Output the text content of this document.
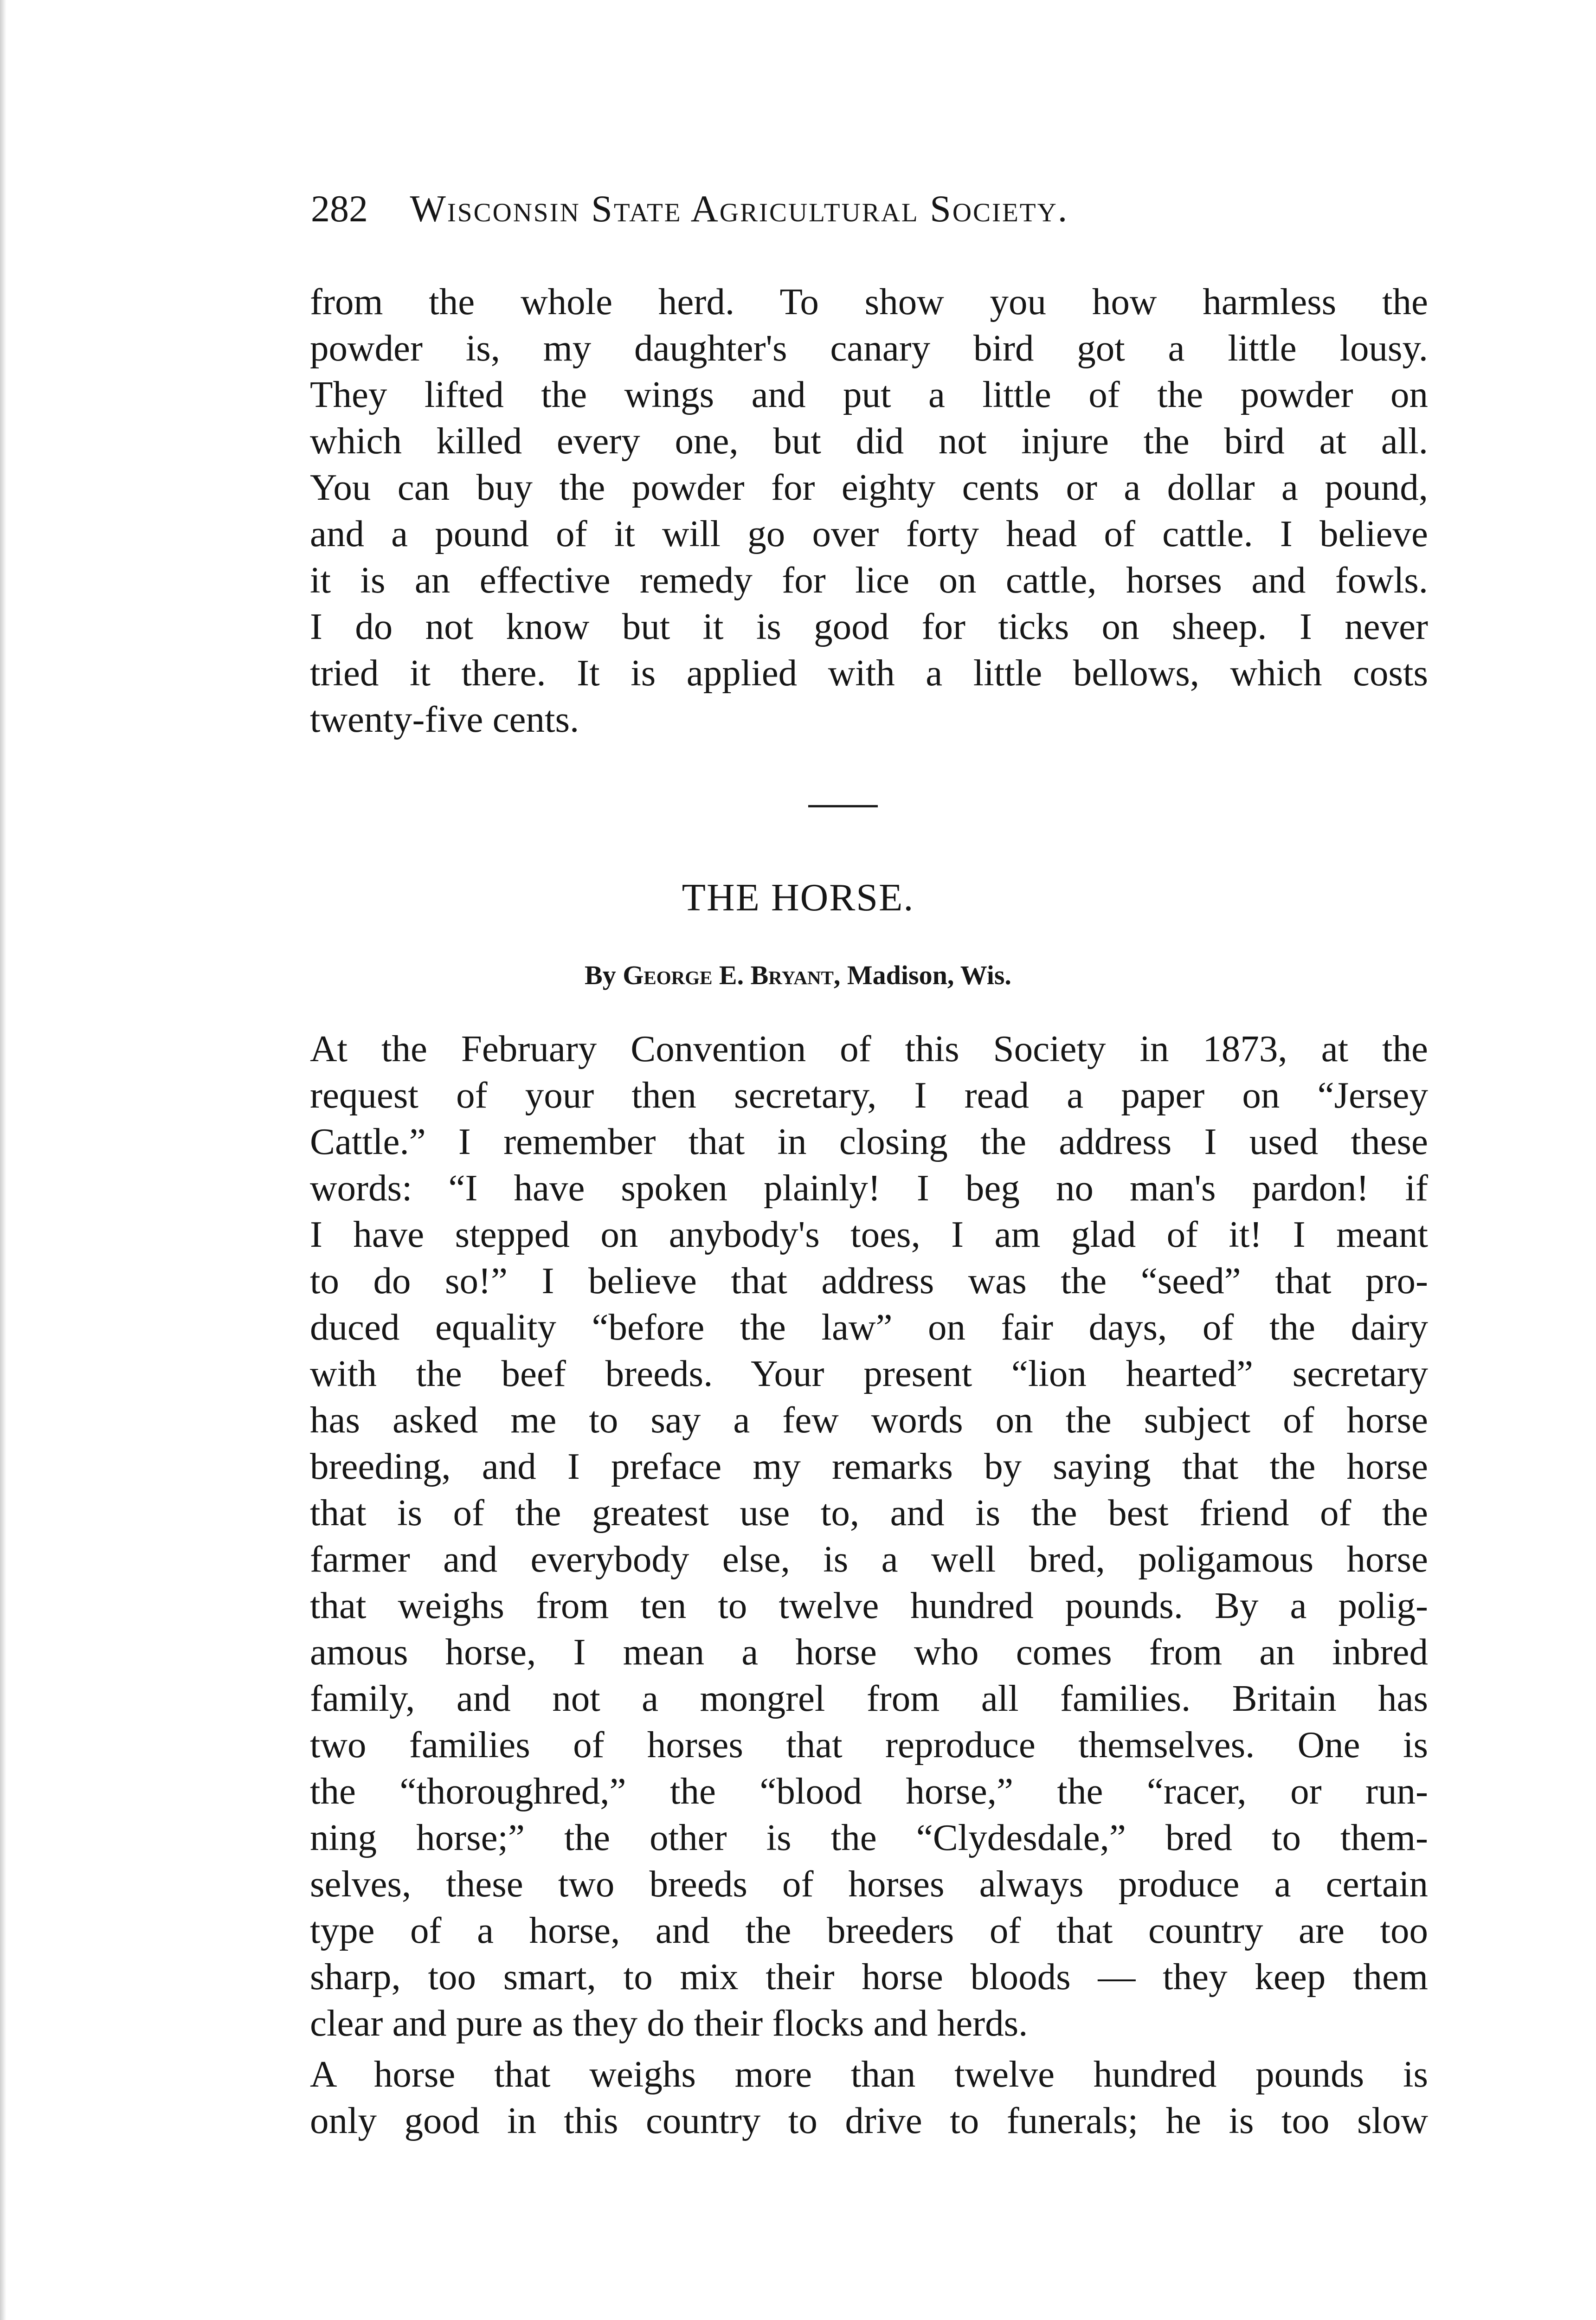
282 Wisconsin State Agricultural Society.
from the whole herd. To show you how harmless the
powder is, my daughter's canary bird got a little lousy.
They lifted the wings and put a little of the powder on
which killed every one, but did not injure the bird at all.
You can buy the powder for eighty cents or a dollar a pound,
and a pound of it will go over forty head of cattle. I believe
it is an effective remedy for lice on cattle, horses and fowls.
I do not know but it is good for ticks on sheep. I never
tried it there. It is applied with a little bellows, which costs
twenty-five cents.
THE HORSE.
By George E. Bryant, Madison, Wis.
At the February Convention of this Society in 1873, at the
request of your then secretary, I read a paper on “Jersey
Cattle.” I remember that in closing the address I used these
words: “I have spoken plainly! I beg no man's pardon! if
I have stepped on anybody's toes, I am glad of it! I meant
to do so!” I believe that address was the “seed” that pro-
duced equality “before the law” on fair days, of the dairy
with the beef breeds. Your present “lion hearted” secretary
has asked me to say a few words on the subject of horse
breeding, and I preface my remarks by saying that the horse
that is of the greatest use to, and is the best friend of the
farmer and everybody else, is a well bred, poligamous horse
that weighs from ten to twelve hundred pounds. By a polig-
amous horse, I mean a horse who comes from an inbred
family, and not a mongrel from all families. Britain has
two families of horses that reproduce themselves. One is
the “thoroughred,” the “blood horse,” the “racer, or run-
ning horse;” the other is the “Clydesdale,” bred to them-
selves, these two breeds of horses always produce a certain
type of a horse, and the breeders of that country are too
sharp, too smart, to mix their horse bloods — they keep them
clear and pure as they do their flocks and herds.
A horse that weighs more than twelve hundred pounds is
only good in this country to drive to funerals; he is too slow
